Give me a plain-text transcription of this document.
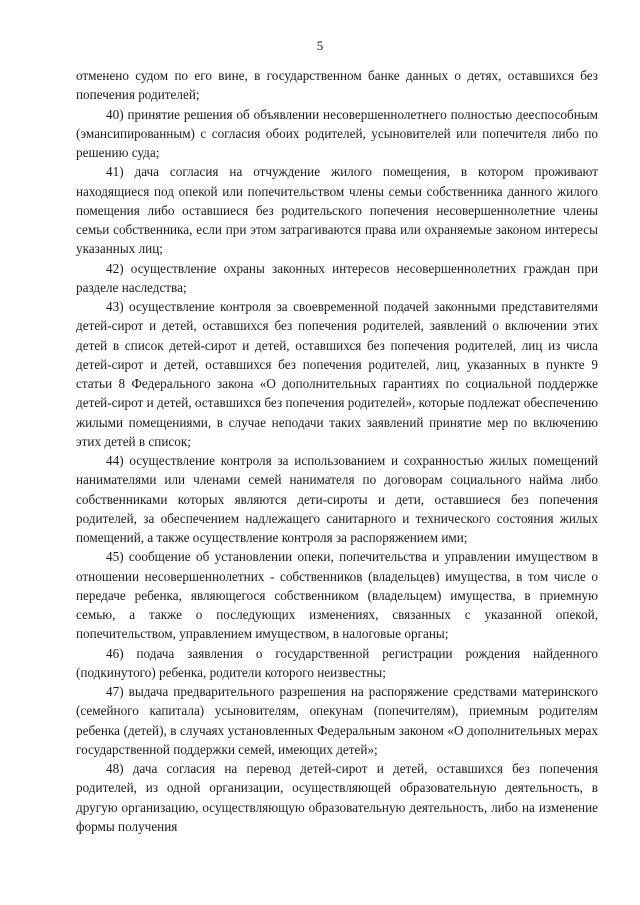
5

отменено судом по его вине, в государственном банке данных о детях, оставшихся без попечения родителей;

40) принятие решения об объявлении несовершеннолетнего полностью дееспособным (эмансипированным) с согласия обоих родителей, усыновителей или попечителя либо по решению суда;

41) дача согласия на отчуждение жилого помещения, в котором проживают находящиеся под опекой или попечительством члены семьи собственника данного жилого помещения либо оставшиеся без родительского попечения несовершеннолетние члены семьи собственника, если при этом затрагиваются права или охраняемые законом интересы указанных лиц;

42) осуществление охраны законных интересов несовершеннолетних граждан при разделе наследства;

43) осуществление контроля за своевременной подачей законными представителями детей-сирот и детей, оставшихся без попечения родителей, заявлений о включении этих детей в список детей-сирот и детей, оставшихся без попечения родителей, лиц из числа детей-сирот и детей, оставшихся без попечения родителей, лиц, указанных в пункте 9 статьи 8 Федерального закона «О дополнительных гарантиях по социальной поддержке детей-сирот и детей, оставшихся без попечения родителей», которые подлежат обеспечению жилыми помещениями, в случае неподачи таких заявлений принятие мер по включению этих детей в список;

44) осуществление контроля за использованием и сохранностью жилых помещений нанимателями или членами семей нанимателя по договорам социального найма либо собственниками которых являются дети-сироты и дети, оставшиеся без попечения родителей, за обеспечением надлежащего санитарного и технического состояния жилых помещений, а также осуществление контроля за распоряжением ими;

45) сообщение об установлении опеки, попечительства и управлении имуществом в отношении несовершеннолетних - собственников (владельцев) имущества, в том числе о передаче ребенка, являющегося собственником (владельцем) имущества, в приемную семью, а также о последующих изменениях, связанных с указанной опекой, попечительством, управлением имуществом, в налоговые органы;

46) подача заявления о государственной регистрации рождения найденного (подкинутого) ребенка, родители которого неизвестны;

47) выдача предварительного разрешения на распоряжение средствами материнского (семейного капитала) усыновителям, опекунам (попечителям), приемным родителям ребенка (детей), в случаях установленных Федеральным законом «О дополнительных мерах государственной поддержки семей, имеющих детей»;

48) дача согласия на перевод детей-сирот и детей, оставшихся без попечения родителей, из одной организации, осуществляющей образовательную деятельность, в другую организацию, осуществляющую образовательную деятельность, либо на изменение формы получения
